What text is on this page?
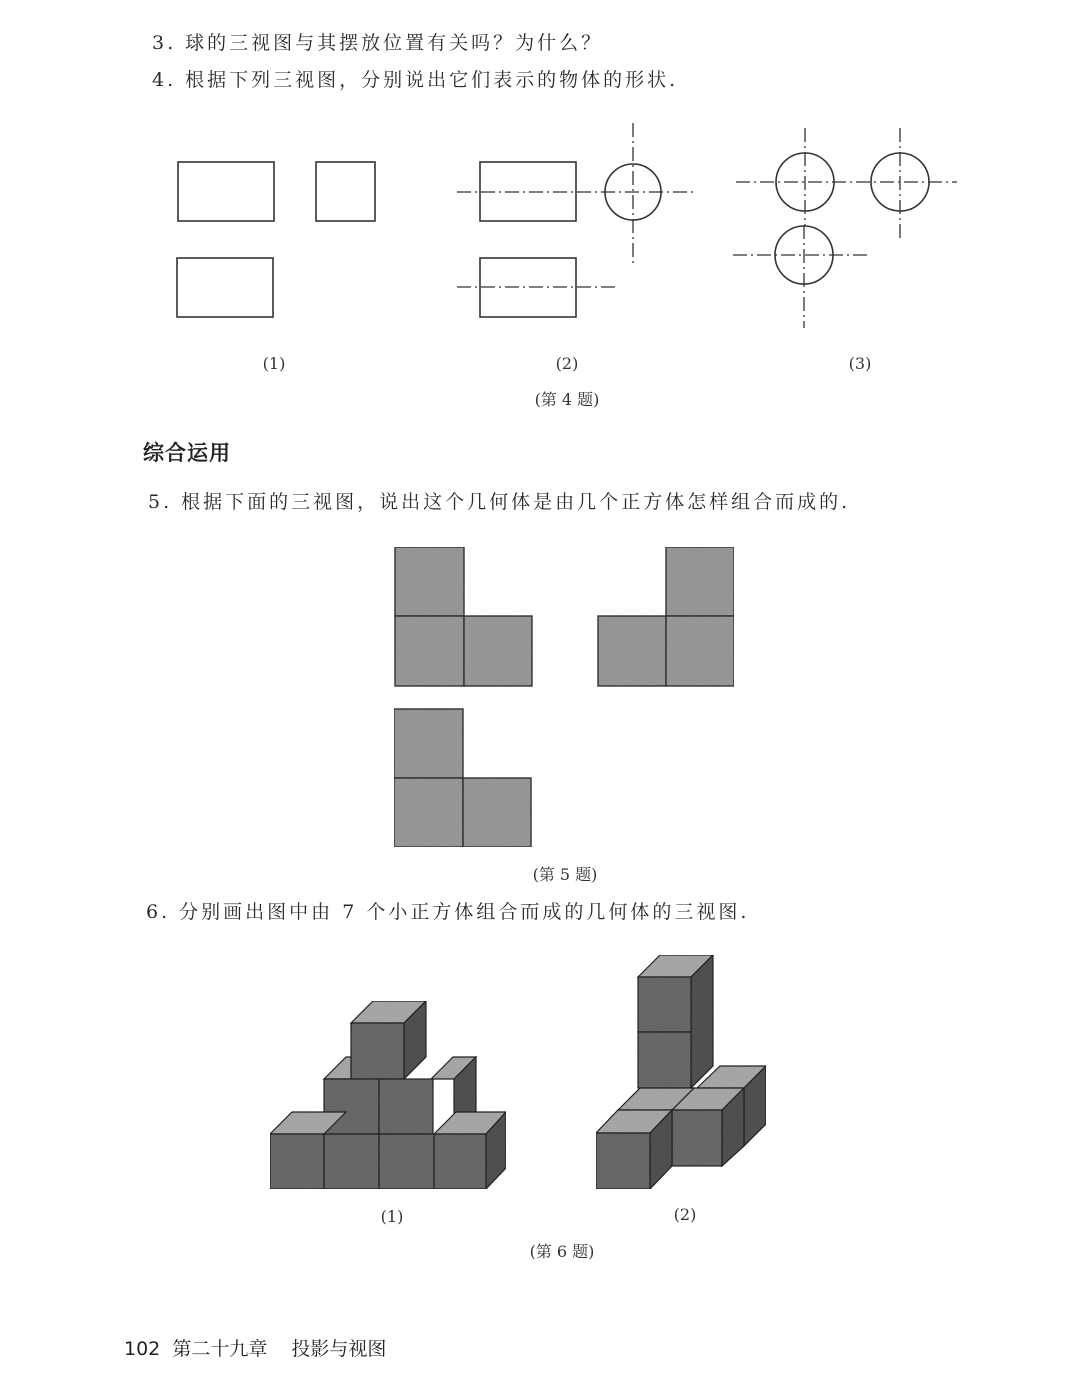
3. 球的三视图与其摆放位置有关吗？为什么？
4. 根据下列三视图，分别说出它们表示的物体的形状.
(1)	(2)	(3)
(第 4 题)
综合运用
5. 根据下面的三视图，说出这个几何体是由几个正方体怎样组合而成的.
(第 5 题)
6. 分别画出图中由 7 个小正方体组合而成的几何体的三视图.
(1)	(2)
(第 6 题)
102 第二十九章 投影与视图
